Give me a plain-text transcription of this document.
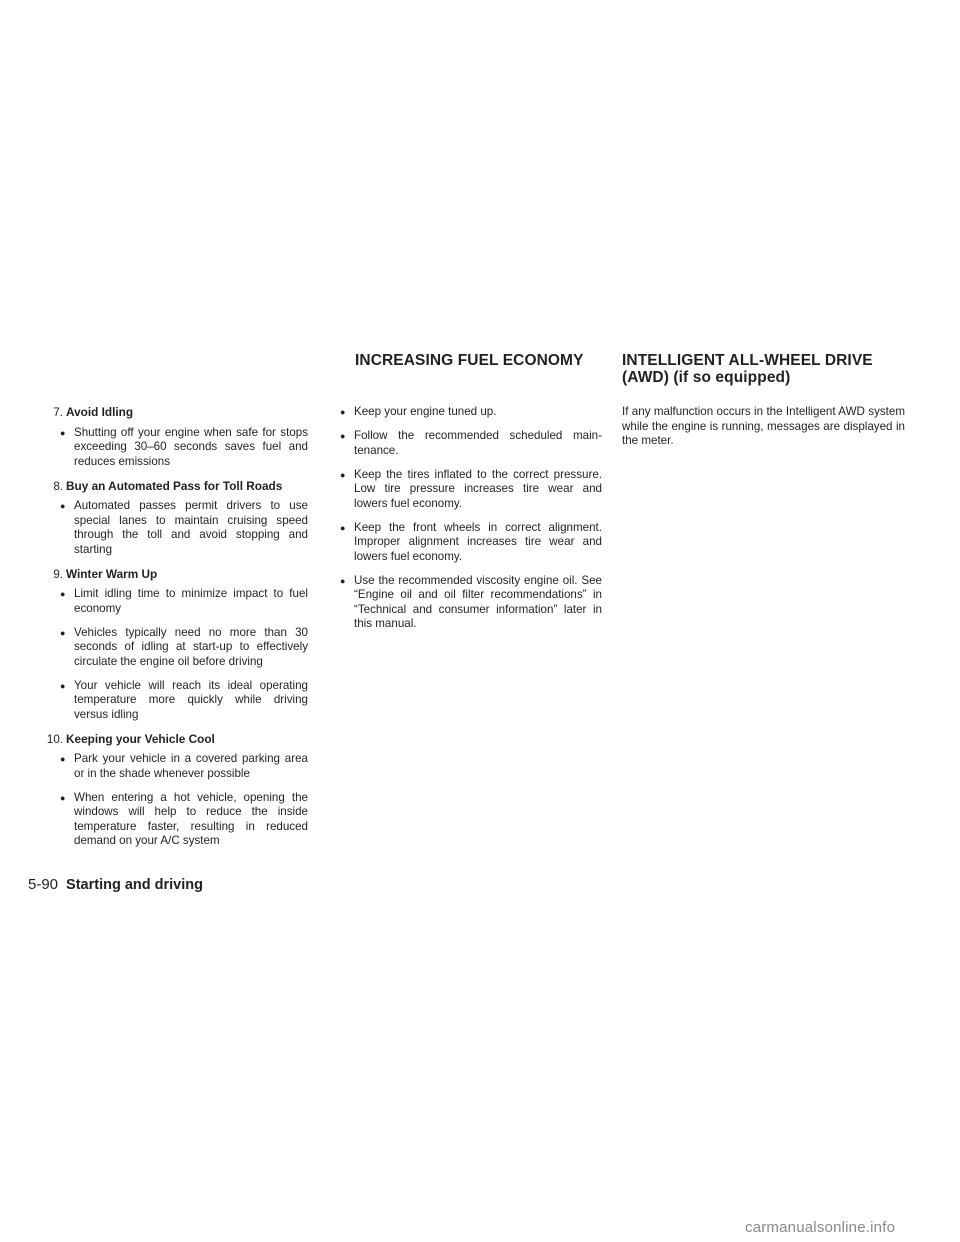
INCREASING FUEL ECONOMY	INTELLIGENT ALL-WHEEL DRIVE (AWD) (if so equipped)
7. Avoid Idling
● Shutting off your engine when safe for stops exceeding 30–60 seconds saves fuel and reduces emissions
8. Buy an Automated Pass for Toll Roads
● Automated passes permit drivers to use special lanes to maintain cruising speed through the toll and avoid stopping and starting
9. Winter Warm Up
● Limit idling time to minimize impact to fuel economy
● Vehicles typically need no more than 30 seconds of idling at start-up to effectively circulate the engine oil before driving
● Your vehicle will reach its ideal operating temperature more quickly while driving versus idling
10. Keeping your Vehicle Cool
● Park your vehicle in a covered parking area or in the shade whenever possible
● When entering a hot vehicle, opening the windows will help to reduce the inside temperature faster, resulting in reduced demand on your A/C system
● Keep your engine tuned up.
● Follow the recommended scheduled maintenance.
● Keep the tires inflated to the correct pressure. Low tire pressure increases tire wear and lowers fuel economy.
● Keep the front wheels in correct alignment. Improper alignment increases tire wear and lowers fuel economy.
● Use the recommended viscosity engine oil. See “Engine oil and oil filter recommendations” in “Technical and consumer information” later in this manual.

If any malfunction occurs in the Intelligent AWD system while the engine is running, messages are displayed in the meter.

5-90 Starting and driving
carmanualsonline.info
